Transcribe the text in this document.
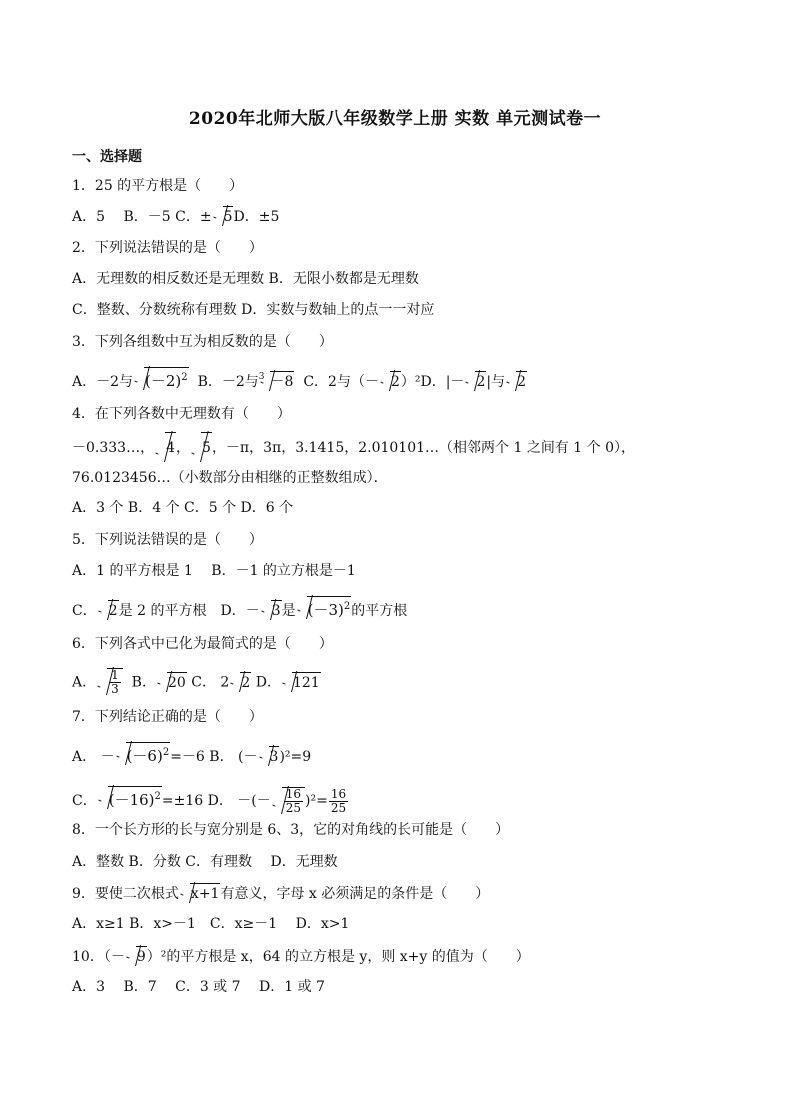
2020年北师大版八年级数学上册 实数 单元测试卷一
一、选择题
1．25 的平方根是（　　）
A．5　 B．－5 C．± 5D．±5
2．下列说法错误的是（　　）
A．无理数的相反数还是无理数 B．无限小数都是无理数
C．整数、分数统称有理数 D．实数与数轴上的点一一对应
3．下列各组数中互为相反数的是（　　）
A．－2与 $(-2)^2$ B．－2与$^3$ －8 C．2与（－ 2）²D．|－ 2|与 2
4．在下列各数中无理数有（　　）
－0.333…， 4， 5，－π，3π，3.1415，2.010101…（相邻两个 1 之间有 1 个 0），76.0123456…（小数部分由相继的正整数组成）．
A．3 个 B．4 个 C．5 个 D．6 个
5．下列说法错误的是（　　）
A．1 的平方根是 1　 B．－1 的立方根是－1
C． 2是 2 的平方根　D．－ 3是 $(-3)^2$的平方根
6．下列各式中已化为最简式的是（　　）
A． $\frac{1}{3}$ B． 20 C． 2 2 D． 121
7．下列结论正确的是（　　）
A． － $(-6)^2=-6$ B． (－ 3)²=9
C． $(-16)^2=\pm 16$ D． －(－ $\frac{16}{25} )^2= \frac{16}{25}$
8．一个长方形的长与宽分别是 6、3，它的对角线的长可能是（　　）
A．整数 B．分数 C．有理数　 D．无理数
9．要使二次根式 x+1有意义，字母 x 必须满足的条件是（　　）
A．x≥1 B．x>－1　C．x≥－1　 D．x>1
10．（－ 9）²的平方根是 x，64 的立方根是 y，则 x+y 的值为（　　）
A．3　 B．7　 C．3 或 7　 D．1 或 7
